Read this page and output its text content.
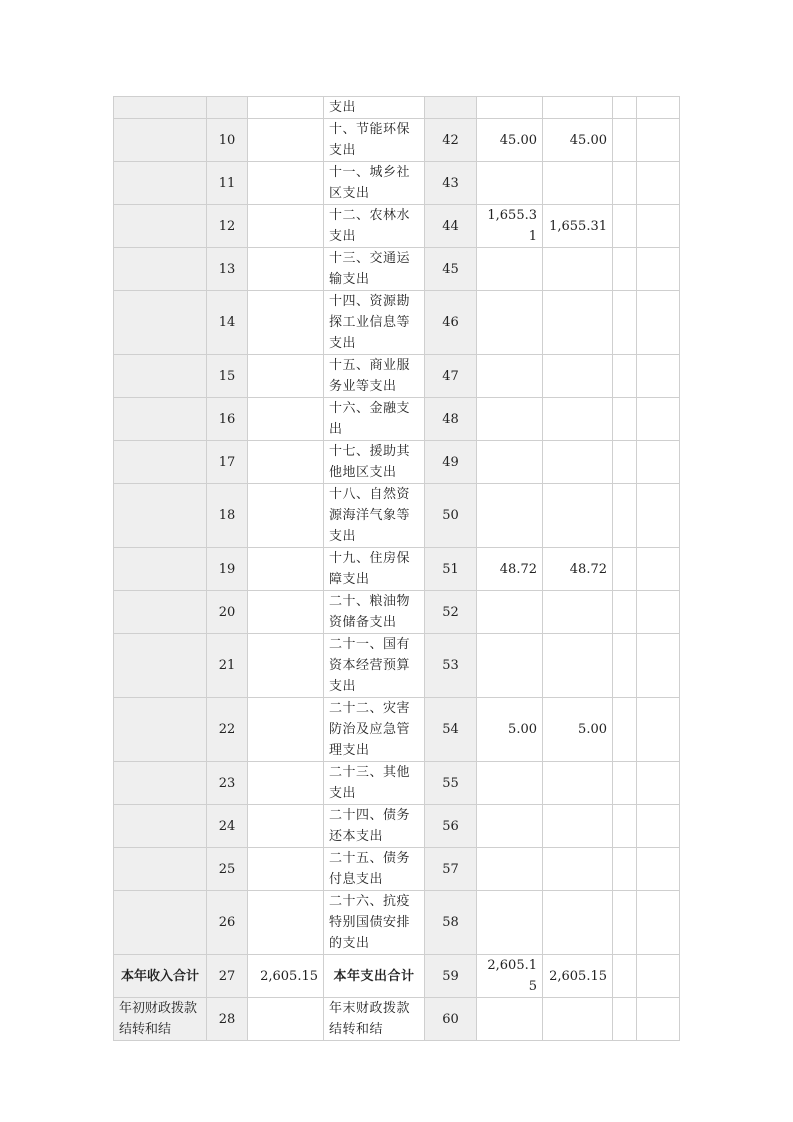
			支出					
	10		十、节能环保支出	42	45.00	45.00		
	11		十一、城乡社区支出	43				
	12		十二、农林水支出	44	1,655.31	1,655.31		
	13		十三、交通运输支出	45				
	14		十四、资源勘探工业信息等支出	46				
	15		十五、商业服务业等支出	47				
	16		十六、金融支出	48				
	17		十七、援助其他地区支出	49				
	18		十八、自然资源海洋气象等支出	50				
	19		十九、住房保障支出	51	48.72	48.72		
	20		二十、粮油物资储备支出	52				
	21		二十一、国有资本经营预算支出	53				
	22		二十二、灾害防治及应急管理支出	54	5.00	5.00		
	23		二十三、其他支出	55				
	24		二十四、债务还本支出	56				
	25		二十五、债务付息支出	57				
	26		二十六、抗疫特别国债安排的支出	58				
本年收入合计	27	2,605.15	本年支出合计	59	2,605.15	2,605.15		
年初财政拨款结转和结	28		年末财政拨款结转和结	60				
